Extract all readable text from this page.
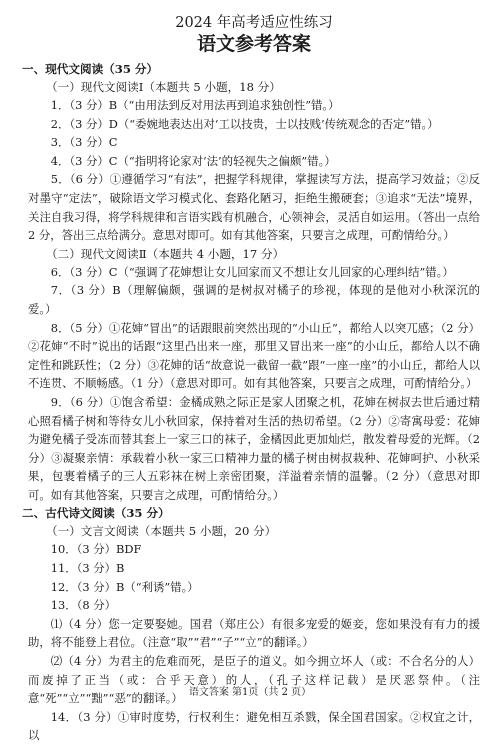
2024 年高考适应性练习
语文参考答案
一、现代文阅读（35 分）
（一）现代文阅读Ⅰ（本题共 5 小题，18 分）
1．（3 分）B（“由用法到反对用法再到追求独创性”错。）
2．（3 分）D（“委婉地表达出对‘工以技贵，士以技贱’传统观念的否定”错。）
3．（3 分）C
4．（3 分）C（“指明将论家对‘法’的轻视失之偏颇”错。）
5．（6 分）①遵循学习“有法”，把握学科规律，掌握读写方法，提高学习效益；②反对墨守“定法”，破除语文学习模式化、套路化陋习，拒绝生搬硬套；③追求“无法”境界，关注自我习得，将学科规律和言语实践有机融合，心领神会，灵活自如运用。（答出一点给 2 分，答出三点给满分。意思对即可。如有其他答案，只要言之成理，可酌情给分。）
（二）现代文阅读Ⅱ（本题共 4 小题，17 分）
6．（3 分）C（“强调了花婶想让女儿回家而又不想让女儿回家的心理纠结”错。）
7．（3 分）B（理解偏颇，强调的是树叔对橘子的珍视，体现的是他对小秋深沉的爱。）
8．（5 分）①花婶“冒出”的话跟眼前突然出现的“小山丘”，都给人以突兀感；（2 分）②花婶“不时”说出的话跟“这里凸出来一座，那里又冒出来一座”的小山丘，都给人以不确定性和跳跃性；（2 分）③花婶的话“故意说一截留一截”跟“一座一座”的小山丘，都给人以不连贯、不顺畅感。（1 分）（意思对即可。如有其他答案，只要言之成理，可酌情给分。）
9．（6 分）①饱含希望：金橘成熟之际正是家人团聚之机，花婶在树叔去世后通过精心照看橘子树和等待女儿小秋回家，保持着对生活的热切希望。（2 分）②寄寓母爱：花婶为避免橘子受冻而替其套上一家三口的袜子，金橘因此更加灿烂，散发着母爱的光辉。（2 分）③凝聚亲情：承载着小秋一家三口精神力量的橘子树由树叔栽种、花婶呵护、小秋采果，包裹着橘子的三人五彩袜在树上亲密团聚，洋溢着亲情的温馨。（2 分）（意思对即可。如有其他答案，只要言之成理，可酌情给分。）
二、古代诗文阅读（35 分）
（一）文言文阅读（本题共 5 小题，20 分）
10．（3 分）BDF
11．（3 分）B
12．（3 分）B（“利诱”错。）
13．（8 分）
⑴（4 分）您一定要娶她。国君（郑庄公）有很多宠爱的姬妾，您如果没有有力的援助，将不能登上君位。（注意“取”“君”“子”“立”的翻译。）
⑵（4 分）为君主的危难而死，是臣子的道义。如今拥立坏人（或：不合名分的人）而废掉了正当（或：合乎天意）的人，（孔子这样记载）是厌恶祭仲。（注意“死”“立”“黜”“恶”的翻译。）
14．（3 分）①审时度势，行权利生：避免相互杀戮，保全国君国家。②权宜之计，以
语文答案 第1页（共 2 页）
